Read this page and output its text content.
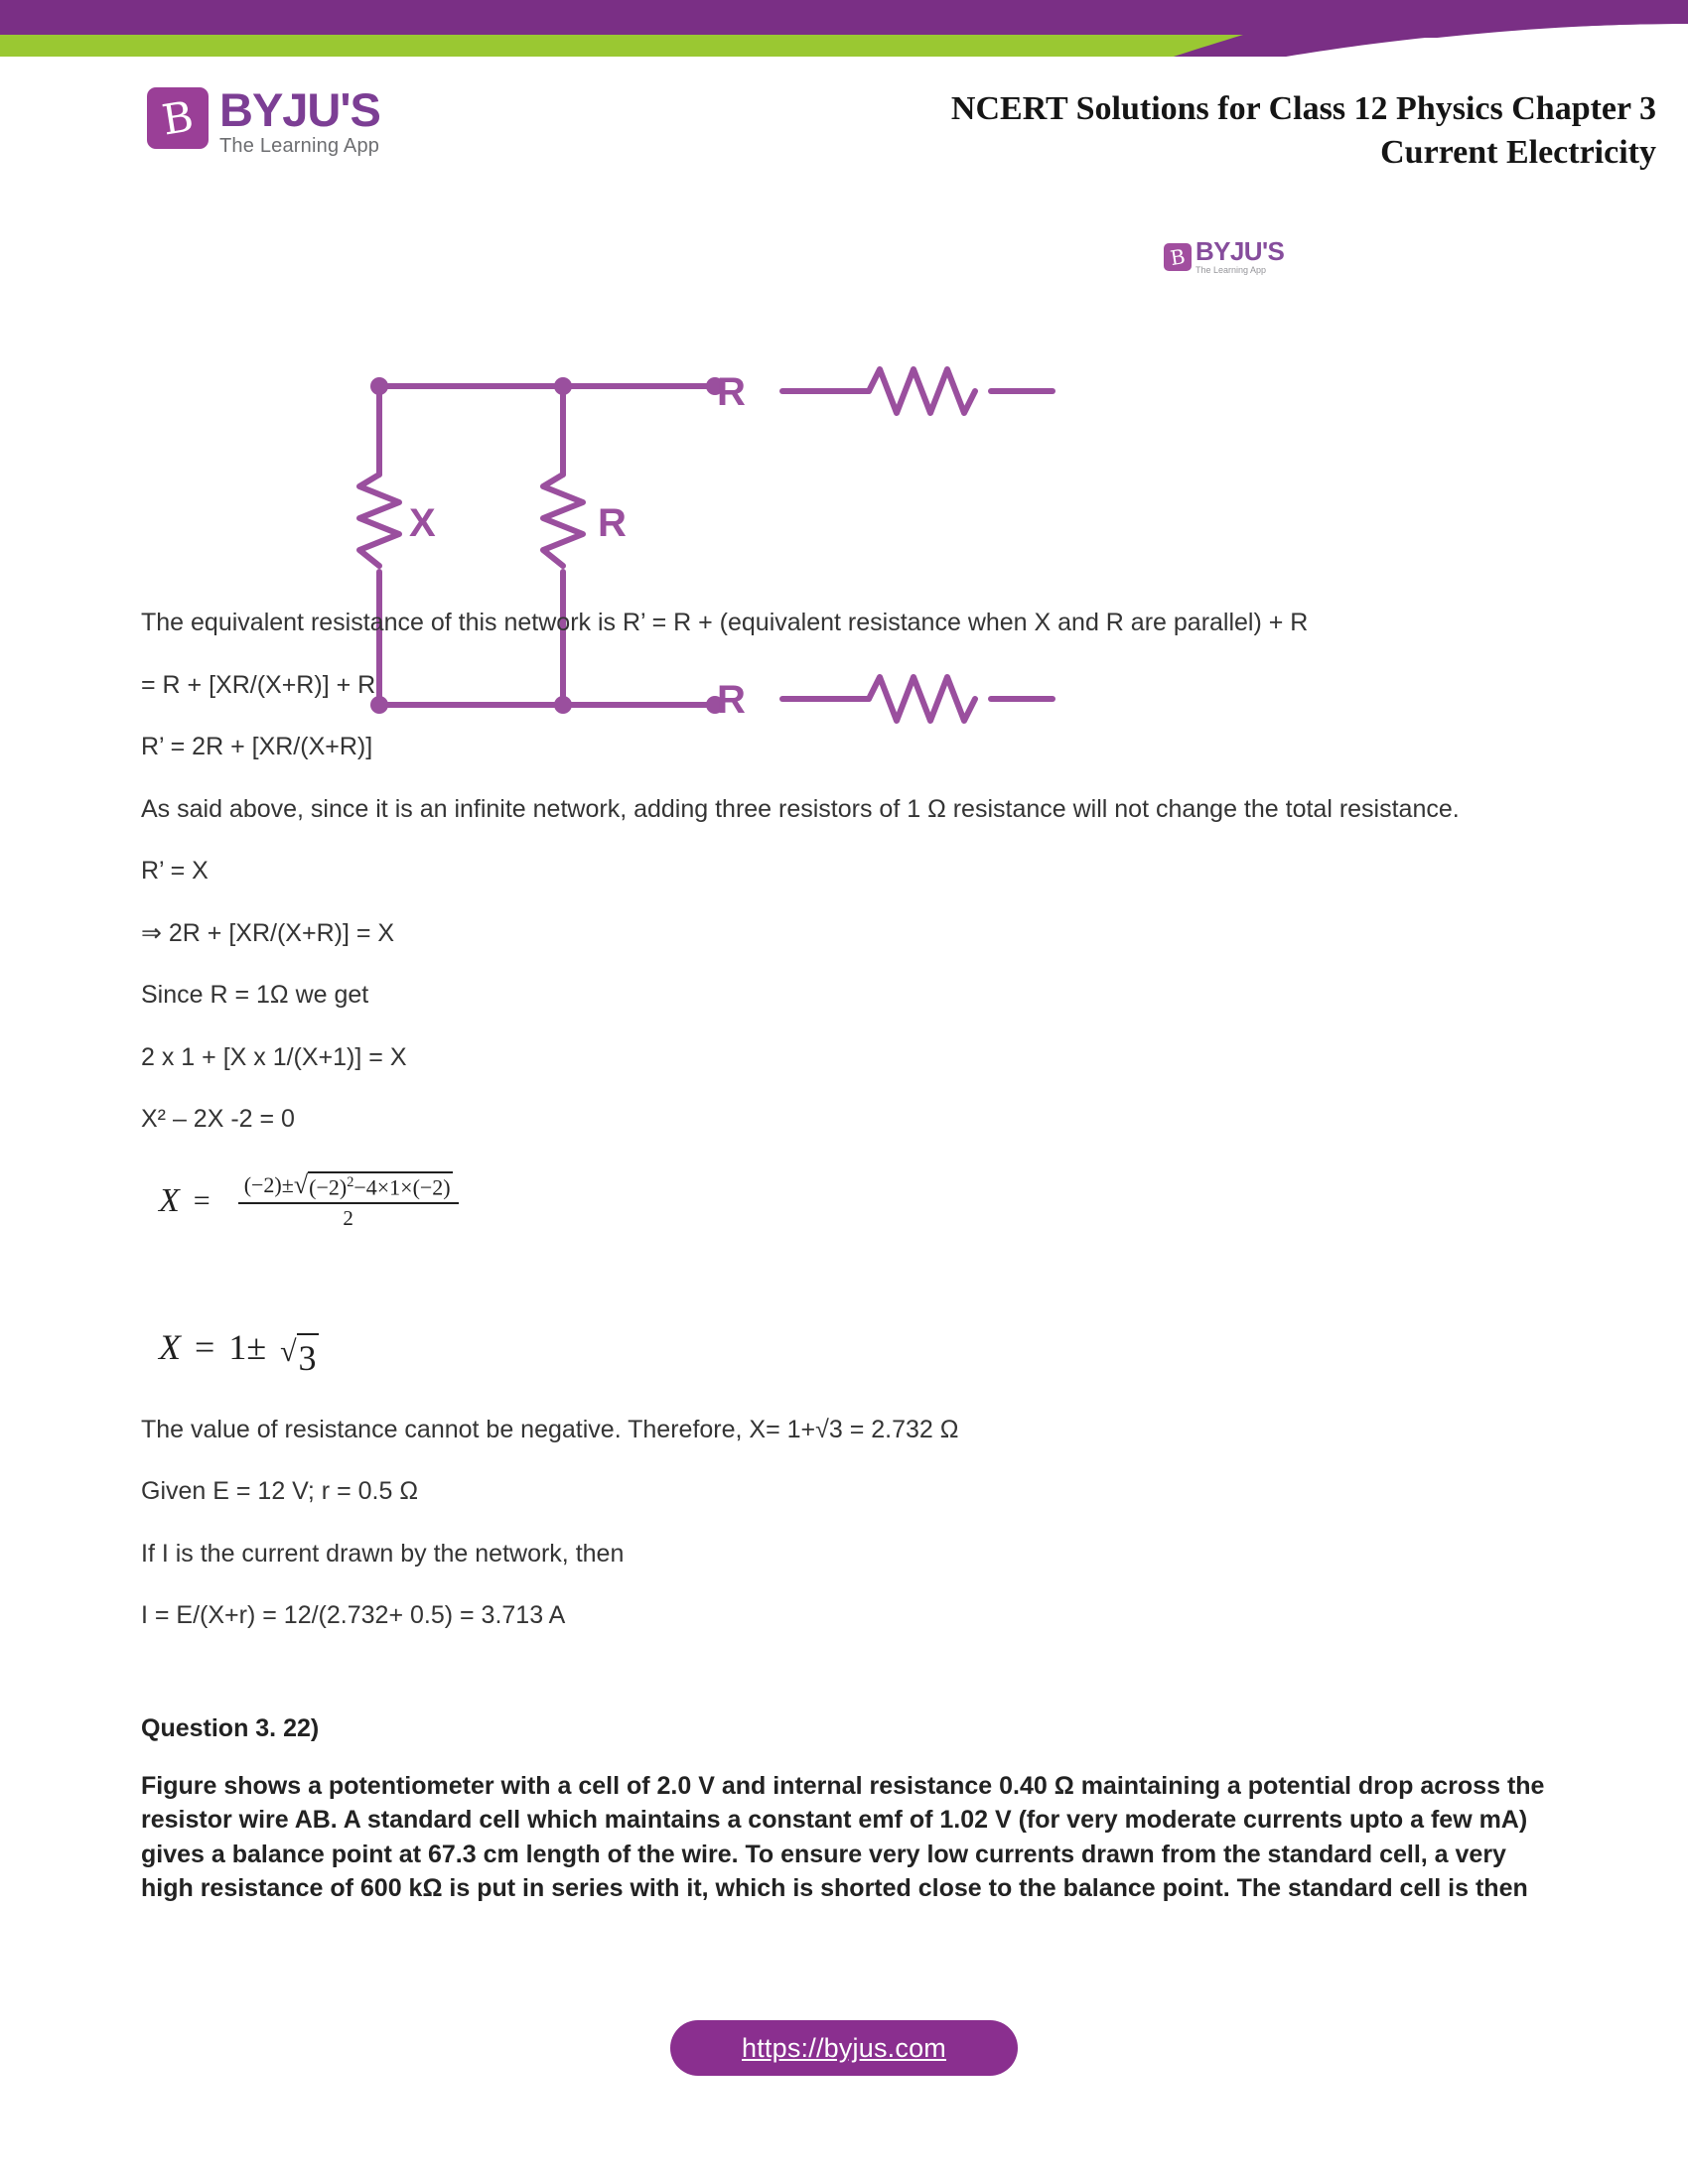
B BYJU'S
The Learning App
NCERT Solutions for Class 12 Physics Chapter 3
Current Electricity
B BYJU'S
The Learning App
X	R
R
R

The equivalent resistance of this network is R’ = R + (equivalent resistance when X and R are parallel) + R

= R + [XR/(X+R)] + R

R’ = 2R + [XR/(X+R)]

As said above, since it is an infinite network, adding three resistors of 1 Ω resistance will not change the total resistance.

R’ = X

⇒ 2R + [XR/(X+R)] = X

Since R = 1Ω we get

2 x 1 + [X x 1/(X+1)] = X

X² – 2X -2 = 0

X =	$\frac{(-2)\pm √ (-2)^2-4\times 1\times(-2)}{2}$
X = 1± √ 3

The value of resistance cannot be negative. Therefore, X= 1+√3 = 2.732 Ω

Given E = 12 V; r = 0.5 Ω

If I is the current drawn by the network, then

I = E/(X+r) = 12/(2.732+ 0.5) = 3.713 A

Question 3. 22)

Figure shows a potentiometer with a cell of 2.0 V and internal resistance 0.40 Ω maintaining a potential drop across the resistor wire AB. A standard cell which maintains a constant emf of 1.02 V (for very moderate currents upto a few mA) gives a balance point at 67.3 cm length of the wire. To ensure very low currents drawn from the standard cell, a very high resistance of 600 kΩ is put in series with it, which is shorted close to the balance point. The standard cell is then

https://byjus.com
